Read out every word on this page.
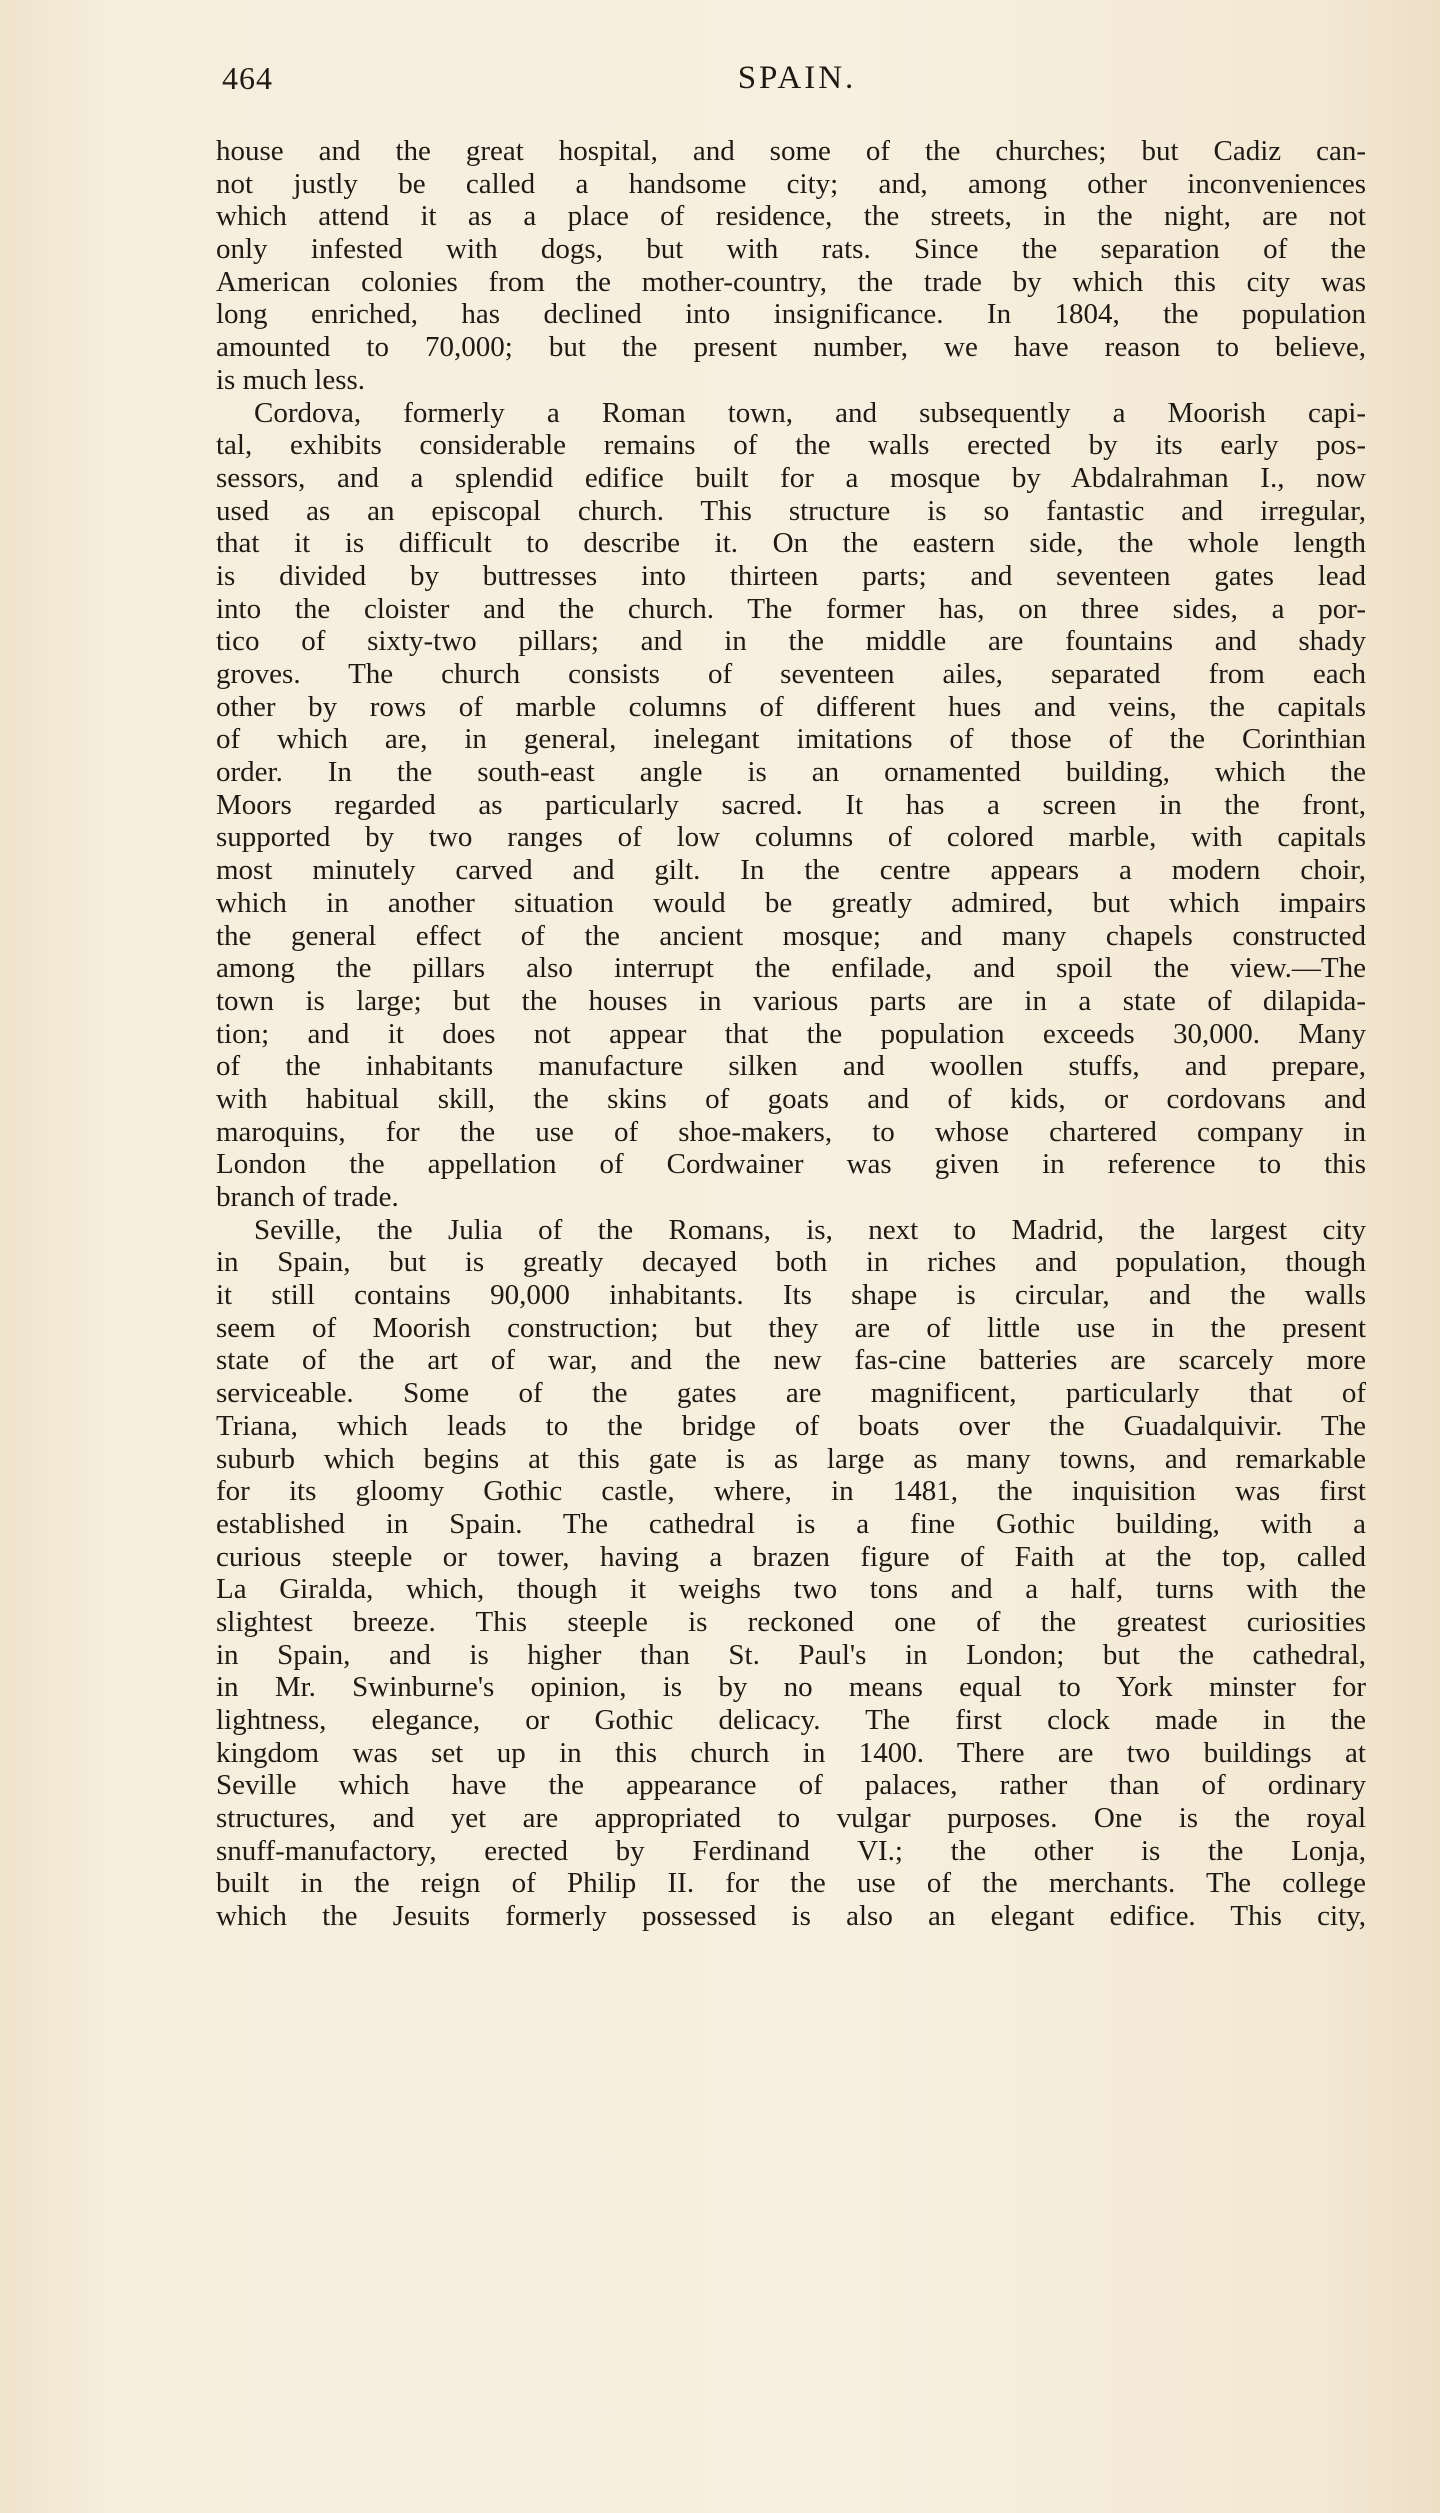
464	SPAIN.
house and the great hospital, and some of the churches; but Cadiz can-
not justly be called a handsome city; and, among other inconveniences
which attend it as a place of residence, the streets, in the night, are not
only infested with dogs, but with rats. Since the separation of the
American colonies from the mother-country, the trade by which this city was
long enriched, has declined into insignificance. In 1804, the population
amounted to 70,000; but the present number, we have reason to believe,
is much less.
Cordova, formerly a Roman town, and subsequently a Moorish capi-
tal, exhibits considerable remains of the walls erected by its early pos-
sessors, and a splendid edifice built for a mosque by Abdalrahman I., now
used as an episcopal church. This structure is so fantastic and irregular,
that it is difficult to describe it. On the eastern side, the whole length
is divided by buttresses into thirteen parts; and seventeen gates lead
into the cloister and the church. The former has, on three sides, a por-
tico of sixty-two pillars; and in the middle are fountains and shady
groves. The church consists of seventeen ailes, separated from each
other by rows of marble columns of different hues and veins, the capitals
of which are, in general, inelegant imitations of those of the Corinthian
order. In the south-east angle is an ornamented building, which the
Moors regarded as particularly sacred. It has a screen in the front,
supported by two ranges of low columns of colored marble, with capitals
most minutely carved and gilt. In the centre appears a modern choir,
which in another situation would be greatly admired, but which impairs
the general effect of the ancient mosque; and many chapels constructed
among the pillars also interrupt the enfilade, and spoil the view.—The
town is large; but the houses in various parts are in a state of dilapida-
tion; and it does not appear that the population exceeds 30,000. Many
of the inhabitants manufacture silken and woollen stuffs, and prepare,
with habitual skill, the skins of goats and of kids, or cordovans and
maroquins, for the use of shoe-makers, to whose chartered company in
London the appellation of Cordwainer was given in reference to this
branch of trade.
Seville, the Julia of the Romans, is, next to Madrid, the largest city
in Spain, but is greatly decayed both in riches and population, though
it still contains 90,000 inhabitants. Its shape is circular, and the walls
seem of Moorish construction; but they are of little use in the present
state of the art of war, and the new fas-cine batteries are scarcely more
serviceable. Some of the gates are magnificent, particularly that of
Triana, which leads to the bridge of boats over the Guadalquivir. The
suburb which begins at this gate is as large as many towns, and remarkable
for its gloomy Gothic castle, where, in 1481, the inquisition was first
established in Spain. The cathedral is a fine Gothic building, with a
curious steeple or tower, having a brazen figure of Faith at the top, called
La Giralda, which, though it weighs two tons and a half, turns with the
slightest breeze. This steeple is reckoned one of the greatest curiosities
in Spain, and is higher than St. Paul's in London; but the cathedral,
in Mr. Swinburne's opinion, is by no means equal to York minster for
lightness, elegance, or Gothic delicacy. The first clock made in the
kingdom was set up in this church in 1400. There are two buildings at
Seville which have the appearance of palaces, rather than of ordinary
structures, and yet are appropriated to vulgar purposes. One is the royal
snuff-manufactory, erected by Ferdinand VI.; the other is the Lonja,
built in the reign of Philip II. for the use of the merchants. The college
which the Jesuits formerly possessed is also an elegant edifice. This city,
